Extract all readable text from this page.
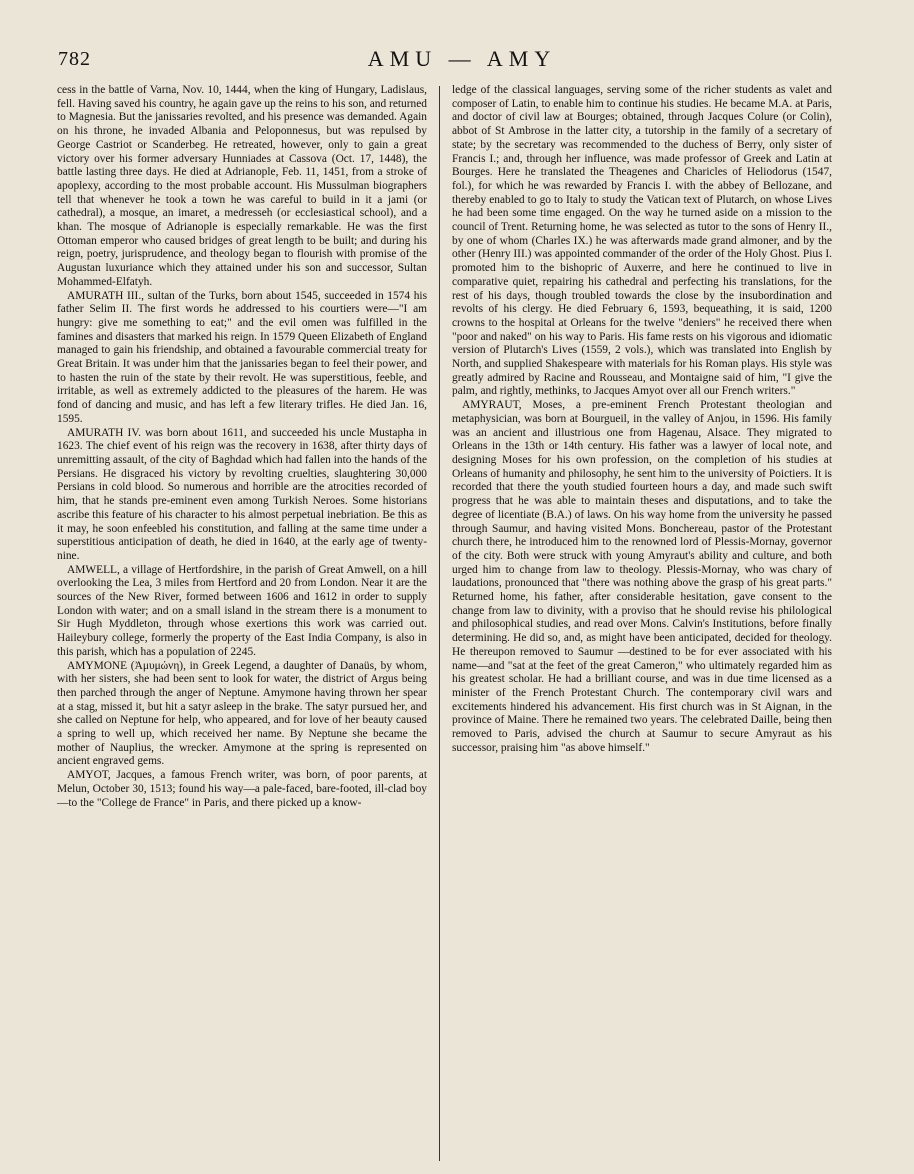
782	AMU — AMY

cess in the battle of Varna, Nov. 10, 1444, when the king of Hungary, Ladislaus, fell. Having saved his country, he again gave up the reins to his son, and returned to Magnesia. But the janissaries revolted, and his presence was demanded. Again on his throne, he invaded Albania and Peloponnesus, but was repulsed by George Castriot or Scanderbeg. He retreated, however, only to gain a great victory over his former adversary Hunniades at Cassova (Oct. 17, 1448), the battle lasting three days. He died at Adrianople, Feb. 11, 1451, from a stroke of apoplexy, according to the most probable account. His Mussulman biographers tell that whenever he took a town he was careful to build in it a jami (or cathedral), a mosque, an imaret, a medresseh (or ecclesiastical school), and a khan. The mosque of Adrianople is especially remarkable. He was the first Ottoman emperor who caused bridges of great length to be built; and during his reign, poetry, jurisprudence, and theology began to flourish with promise of the Augustan luxuriance which they attained under his son and successor, Sultan Mohammed-Elfatyh.

AMURATH III., sultan of the Turks, born about 1545, succeeded in 1574 his father Selim II. The first words he addressed to his courtiers were—"I am hungry: give me something to eat;" and the evil omen was fulfilled in the famines and disasters that marked his reign. In 1579 Queen Elizabeth of England managed to gain his friendship, and obtained a favourable commercial treaty for Great Britain. It was under him that the janissaries began to feel their power, and to hasten the ruin of the state by their revolt. He was superstitious, feeble, and irritable, as well as extremely addicted to the pleasures of the harem. He was fond of dancing and music, and has left a few literary trifles. He died Jan. 16, 1595.

AMURATH IV. was born about 1611, and succeeded his uncle Mustapha in 1623. The chief event of his reign was the recovery in 1638, after thirty days of unremitting assault, of the city of Baghdad which had fallen into the hands of the Persians. He disgraced his victory by revolting cruelties, slaughtering 30,000 Persians in cold blood. So numerous and horrible are the atrocities recorded of him, that he stands pre-eminent even among Turkish Neroes. Some historians ascribe this feature of his character to his almost perpetual inebriation. Be this as it may, he soon enfeebled his constitution, and falling at the same time under a superstitious anticipation of death, he died in 1640, at the early age of twenty-nine.

AMWELL, a village of Hertfordshire, in the parish of Great Amwell, on a hill overlooking the Lea, 3 miles from Hertford and 20 from London. Near it are the sources of the New River, formed between 1606 and 1612 in order to supply London with water; and on a small island in the stream there is a monument to Sir Hugh Myddleton, through whose exertions this work was carried out. Haileybury college, formerly the property of the East India Company, is also in this parish, which has a population of 2245.

AMYMONE (Ἀμυμώνη), in Greek Legend, a daughter of Danaüs, by whom, with her sisters, she had been sent to look for water, the district of Argus being then parched through the anger of Neptune. Amymone having thrown her spear at a stag, missed it, but hit a satyr asleep in the brake. The satyr pursued her, and she called on Neptune for help, who appeared, and for love of her beauty caused a spring to well up, which received her name. By Neptune she became the mother of Nauplius, the wrecker. Amymone at the spring is represented on ancient engraved gems.

AMYOT, Jacques, a famous French writer, was born, of poor parents, at Melun, October 30, 1513; found his way—a pale-faced, bare-footed, ill-clad boy—to the "College de France" in Paris, and there picked up a know-

ledge of the classical languages, serving some of the richer students as valet and composer of Latin, to enable him to continue his studies. He became M.A. at Paris, and doctor of civil law at Bourges; obtained, through Jacques Colure (or Colin), abbot of St Ambrose in the latter city, a tutorship in the family of a secretary of state; by the secretary was recommended to the duchess of Berry, only sister of Francis I.; and, through her influence, was made professor of Greek and Latin at Bourges. Here he translated the Theagenes and Charicles of Heliodorus (1547, fol.), for which he was rewarded by Francis I. with the abbey of Bellozane, and thereby enabled to go to Italy to study the Vatican text of Plutarch, on whose Lives he had been some time engaged. On the way he turned aside on a mission to the council of Trent. Returning home, he was selected as tutor to the sons of Henry II., by one of whom (Charles IX.) he was afterwards made grand almoner, and by the other (Henry III.) was appointed commander of the order of the Holy Ghost. Pius I. promoted him to the bishopric of Auxerre, and here he continued to live in comparative quiet, repairing his cathedral and perfecting his translations, for the rest of his days, though troubled towards the close by the insubordination and revolts of his clergy. He died February 6, 1593, bequeathing, it is said, 1200 crowns to the hospital at Orleans for the twelve "deniers" he received there when "poor and naked" on his way to Paris. His fame rests on his vigorous and idiomatic version of Plutarch's Lives (1559, 2 vols.), which was translated into English by North, and supplied Shakespeare with materials for his Roman plays. His style was greatly admired by Racine and Rousseau, and Montaigne said of him, "I give the palm, and rightly, methinks, to Jacques Amyot over all our French writers."

AMYRAUT, Moses, a pre-eminent French Protestant theologian and metaphysician, was born at Bourgueil, in the valley of Anjou, in 1596. His family was an ancient and illustrious one from Hagenau, Alsace. They migrated to Orleans in the 13th or 14th century. His father was a lawyer of local note, and designing Moses for his own profession, on the completion of his studies at Orleans of humanity and philosophy, he sent him to the university of Poictiers. It is recorded that there the youth studied fourteen hours a day, and made such swift progress that he was able to maintain theses and disputations, and to take the degree of licentiate (B.A.) of laws. On his way home from the university he passed through Saumur, and having visited Mons. Bonchereau, pastor of the Protestant church there, he introduced him to the renowned lord of Plessis-Mornay, governor of the city. Both were struck with young Amyraut's ability and culture, and both urged him to change from law to theology. Plessis-Mornay, who was chary of laudations, pronounced that "there was nothing above the grasp of his great parts." Returned home, his father, after considerable hesitation, gave consent to the change from law to divinity, with a proviso that he should revise his philological and philosophical studies, and read over Mons. Calvin's Institutions, before finally determining. He did so, and, as might have been anticipated, decided for theology. He thereupon removed to Saumur —destined to be for ever associated with his name—and "sat at the feet of the great Cameron," who ultimately regarded him as his greatest scholar. He had a brilliant course, and was in due time licensed as a minister of the French Protestant Church. The contemporary civil wars and excitements hindered his advancement. His first church was in St Aignan, in the province of Maine. There he remained two years. The celebrated Daille, being then removed to Paris, advised the church at Saumur to secure Amyraut as his successor, praising him "as above himself."
